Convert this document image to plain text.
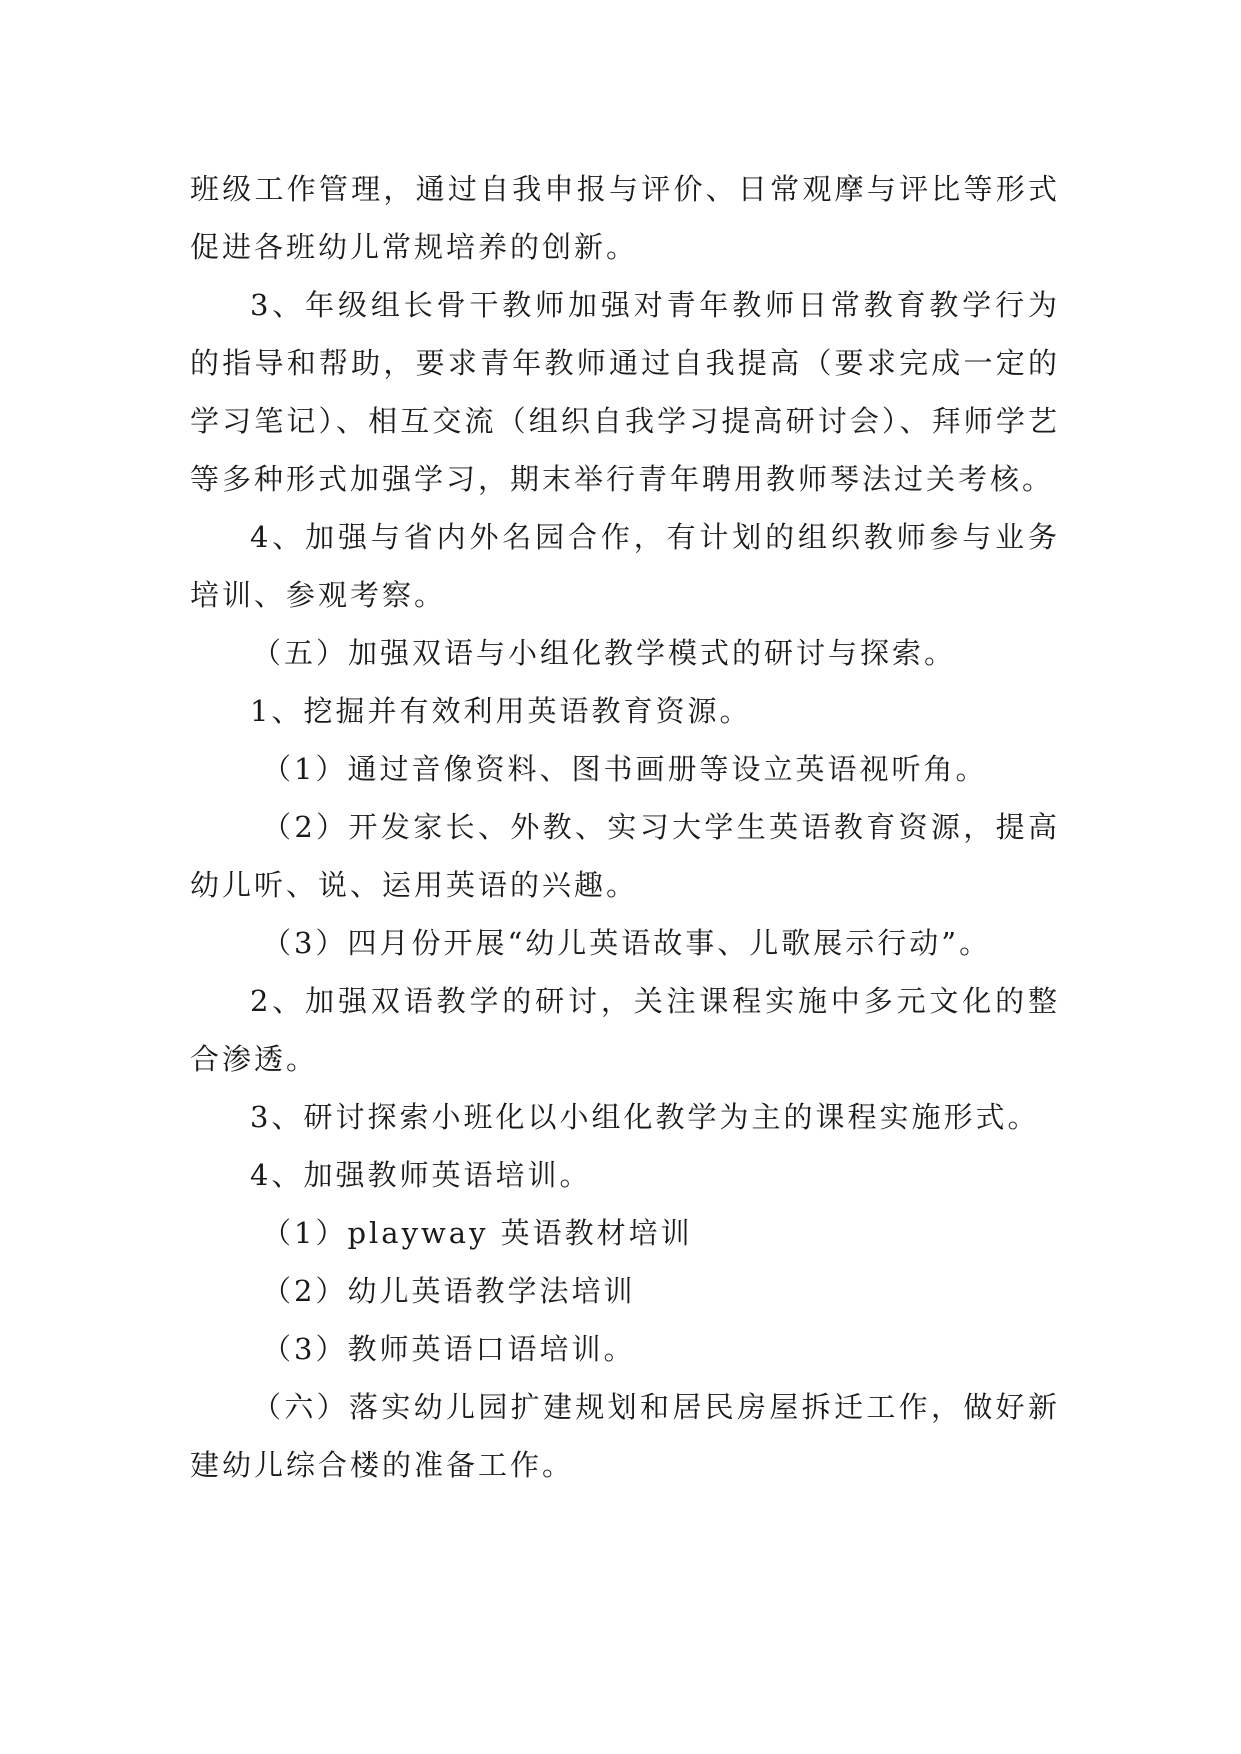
班级工作管理，通过自我申报与评价、日常观摩与评比等形式促进各班幼儿常规培养的创新。

3、年级组长骨干教师加强对青年教师日常教育教学行为的指导和帮助，要求青年教师通过自我提高（要求完成一定的学习笔记）、相互交流（组织自我学习提高研讨会）、拜师学艺等多种形式加强学习，期末举行青年聘用教师琴法过关考核。

4、加强与省内外名园合作，有计划的组织教师参与业务培训、参观考察。

（五）加强双语与小组化教学模式的研讨与探索。

1、挖掘并有效利用英语教育资源。

（1）通过音像资料、图书画册等设立英语视听角。

（2）开发家长、外教、实习大学生英语教育资源，提高幼儿听、说、运用英语的兴趣。

（3）四月份开展“幼儿英语故事、儿歌展示行动”。

2、加强双语教学的研讨，关注课程实施中多元文化的整合渗透。

3、研讨探索小班化以小组化教学为主的课程实施形式。

4、加强教师英语培训。

（1）playway 英语教材培训

（2）幼儿英语教学法培训

（3）教师英语口语培训。

（六）落实幼儿园扩建规划和居民房屋拆迁工作，做好新建幼儿综合楼的准备工作。
